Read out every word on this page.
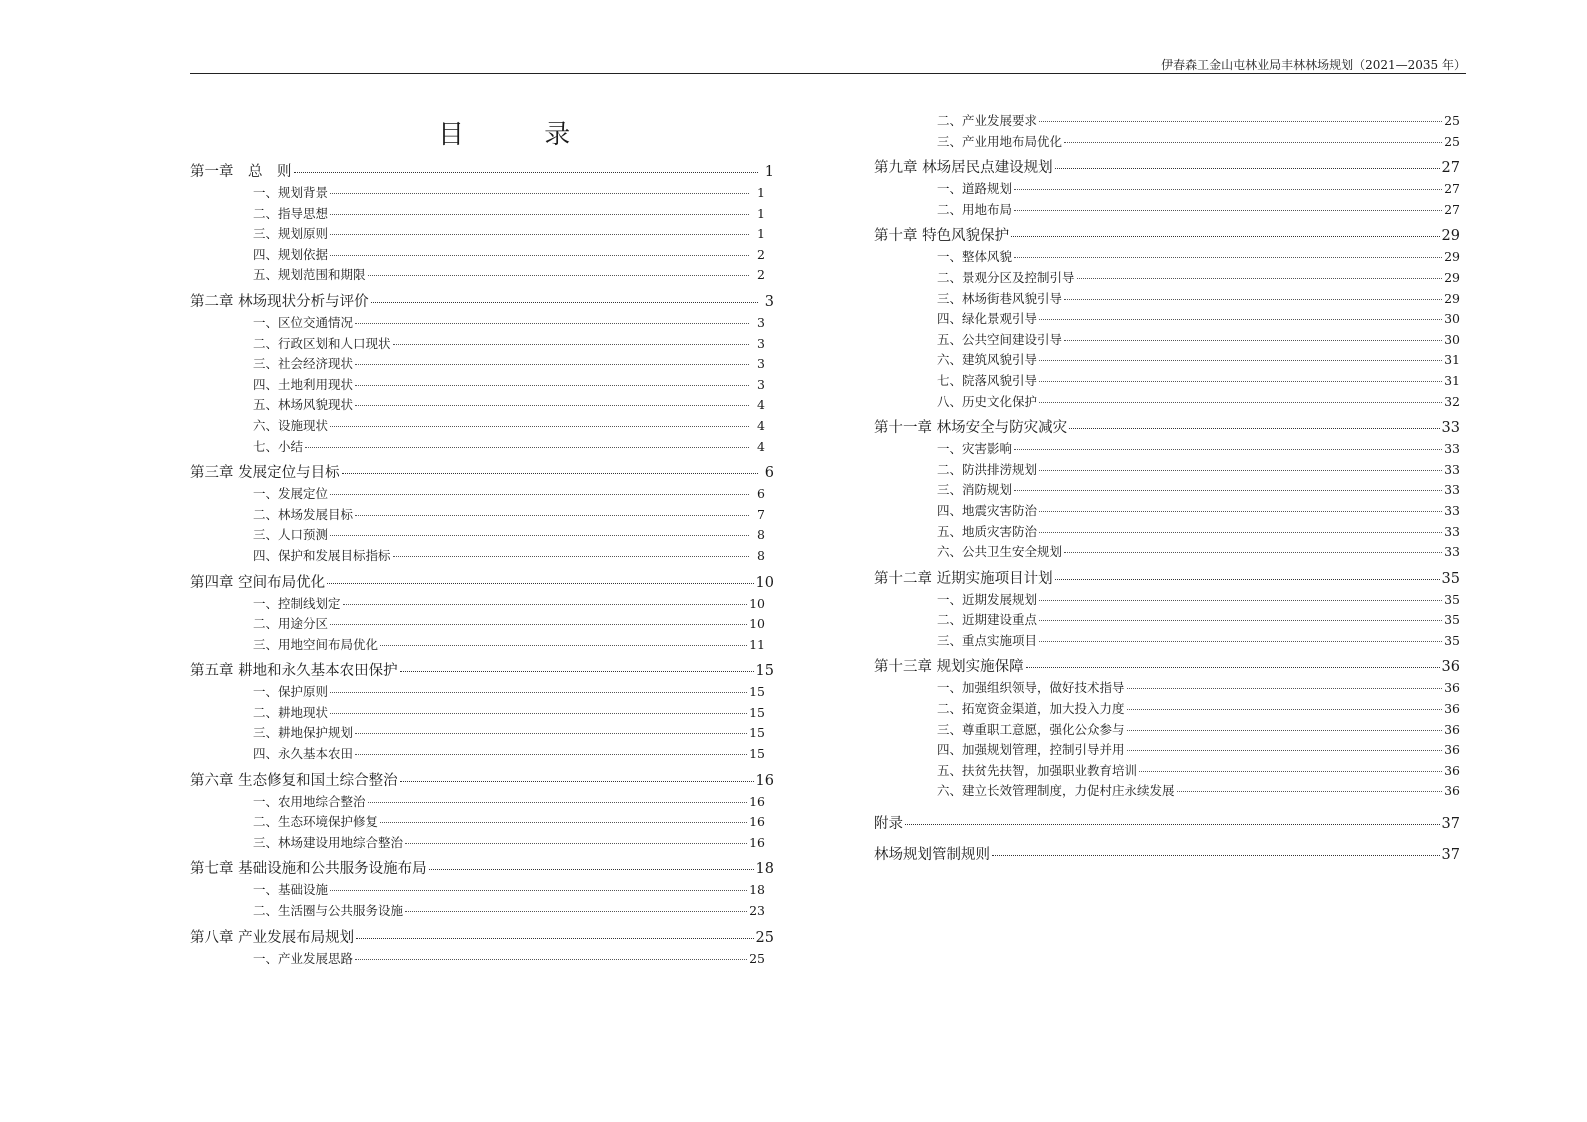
伊春森工金山屯林业局丰林林场规划（2021—2035 年）
目 录
第一章　总　则	1
一、规划背景	1
二、指导思想	1
三、规划原则	1
四、规划依据	2
五、规划范围和期限	2
第二章 林场现状分析与评价	3
一、区位交通情况	3
二、行政区划和人口现状	3
三、社会经济现状	3
四、土地利用现状	3
五、林场风貌现状	4
六、设施现状	4
七、小结	4
第三章 发展定位与目标	6
一、发展定位	6
二、林场发展目标	7
三、人口预测	8
四、保护和发展目标指标	8
第四章 空间布局优化	10
一、控制线划定	10
二、用途分区	10
三、用地空间布局优化	11
第五章 耕地和永久基本农田保护	15
一、保护原则	15
二、耕地现状	15
三、耕地保护规划	15
四、永久基本农田	15
第六章 生态修复和国土综合整治	16
一、农用地综合整治	16
二、生态环境保护修复	16
三、林场建设用地综合整治	16
第七章 基础设施和公共服务设施布局	18
一、基础设施	18
二、生活圈与公共服务设施	23
第八章 产业发展布局规划	25
一、产业发展思路	25
二、产业发展要求	25
三、产业用地布局优化	25
第九章 林场居民点建设规划	27
一、道路规划	27
二、用地布局	27
第十章 特色风貌保护	29
一、整体风貌	29
二、景观分区及控制引导	29
三、林场街巷风貌引导	29
四、绿化景观引导	30
五、公共空间建设引导	30
六、建筑风貌引导	31
七、院落风貌引导	31
八、历史文化保护	32
第十一章 林场安全与防灾减灾	33
一、灾害影响	33
二、防洪排涝规划	33
三、消防规划	33
四、地震灾害防治	33
五、地质灾害防治	33
六、公共卫生安全规划	33
第十二章 近期实施项目计划	35
一、近期发展规划	35
二、近期建设重点	35
三、重点实施项目	35
第十三章 规划实施保障	36
一、加强组织领导，做好技术指导	36
二、拓宽资金渠道，加大投入力度	36
三、尊重职工意愿，强化公众参与	36
四、加强规划管理，控制引导并用	36
五、扶贫先扶智，加强职业教育培训	36
六、建立长效管理制度，力促村庄永续发展	36
附录	37
林场规划管制规则	37
